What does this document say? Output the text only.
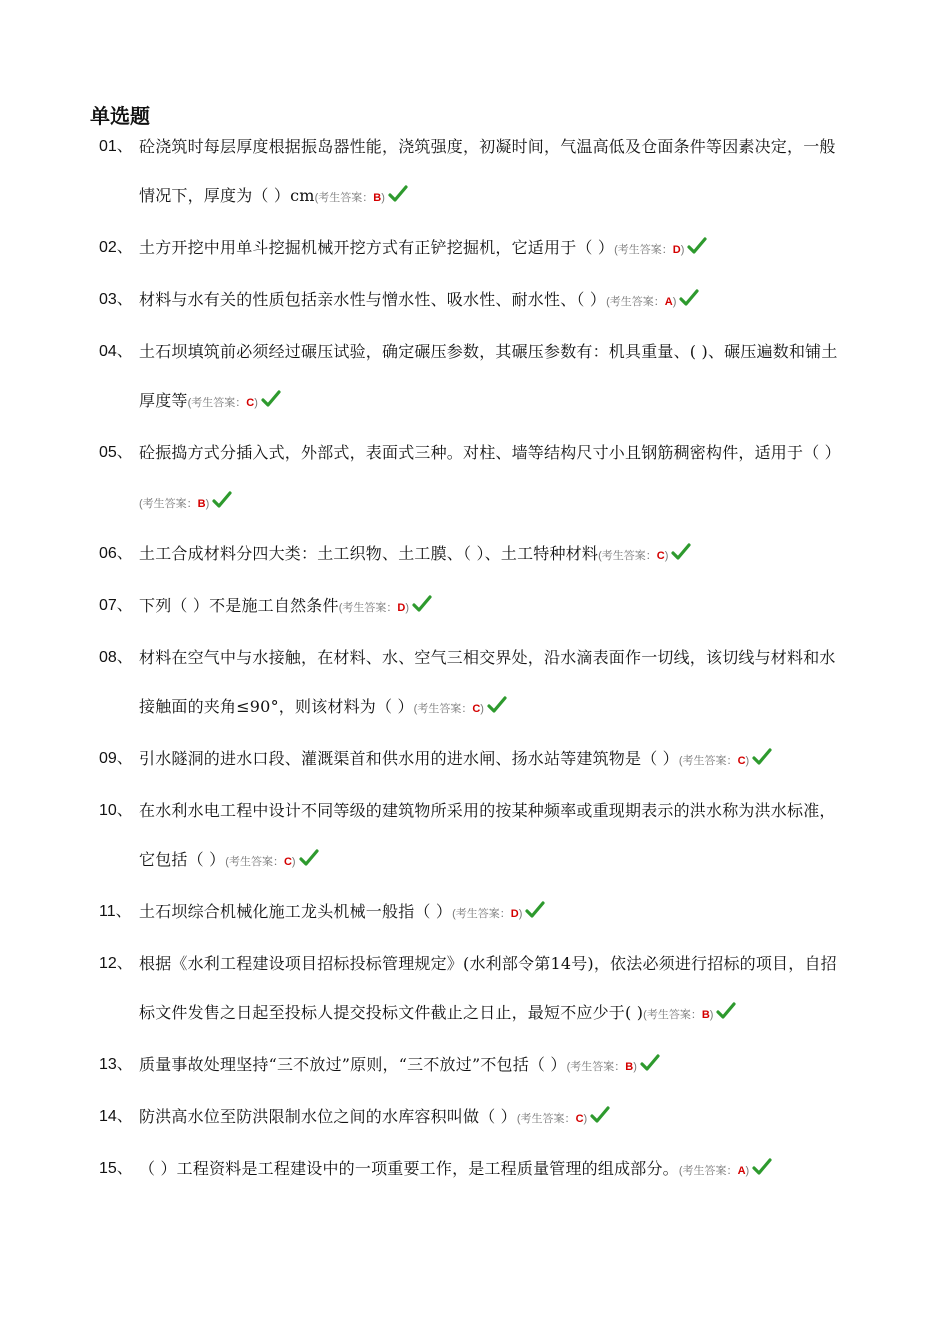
单选题
01、 砼浇筑时每层厚度根据振岛器性能，浇筑强度，初凝时间，气温高低及仓面条件等因素决定，一般情况下，厚度为（ ）cm(考生答案：B)
02、 土方开挖中用单斗挖掘机械开挖方式有正铲挖掘机，它适用于（ ）(考生答案：D)
03、 材料与水有关的性质包括亲水性与憎水性、吸水性、耐水性、（ ）(考生答案：A)
04、 土石坝填筑前必须经过碾压试验，确定碾压参数，其碾压参数有：机具重量、( )、碾压遍数和铺土厚度等(考生答案：C)
05、 砼振捣方式分插入式，外部式，表面式三种。对柱、墙等结构尺寸小且钢筋稠密构件，适用于（ ）(考生答案：B)
06、 土工合成材料分四大类：土工织物、土工膜、（ ）、土工特种材料(考生答案：C)
07、 下列（ ）不是施工自然条件(考生答案：D)
08、 材料在空气中与水接触，在材料、水、空气三相交界处，沿水滴表面作一切线，该切线与材料和水接触面的夹角≤90°，则该材料为（ ）(考生答案：C)
09、 引水隧洞的进水口段、灌溉渠首和供水用的进水闸、扬水站等建筑物是（ ）(考生答案：C)
10、 在水利水电工程中设计不同等级的建筑物所采用的按某种频率或重现期表示的洪水称为洪水标准，它包括（ ）(考生答案：C)
11、 土石坝综合机械化施工龙头机械一般指（ ）(考生答案：D)
12、 根据《水利工程建设项目招标投标管理规定》(水利部令第14号)，依法必须进行招标的项目，自招标文件发售之日起至投标人提交投标文件截止之日止，最短不应少于( )(考生答案：B)
13、 质量事故处理坚持“三不放过”原则，“三不放过”不包括（ ）(考生答案：B)
14、 防洪高水位至防洪限制水位之间的水库容积叫做（ ）(考生答案：C)
15、 （ ）工程资料是工程建设中的一项重要工作，是工程质量管理的组成部分。(考生答案：A)
